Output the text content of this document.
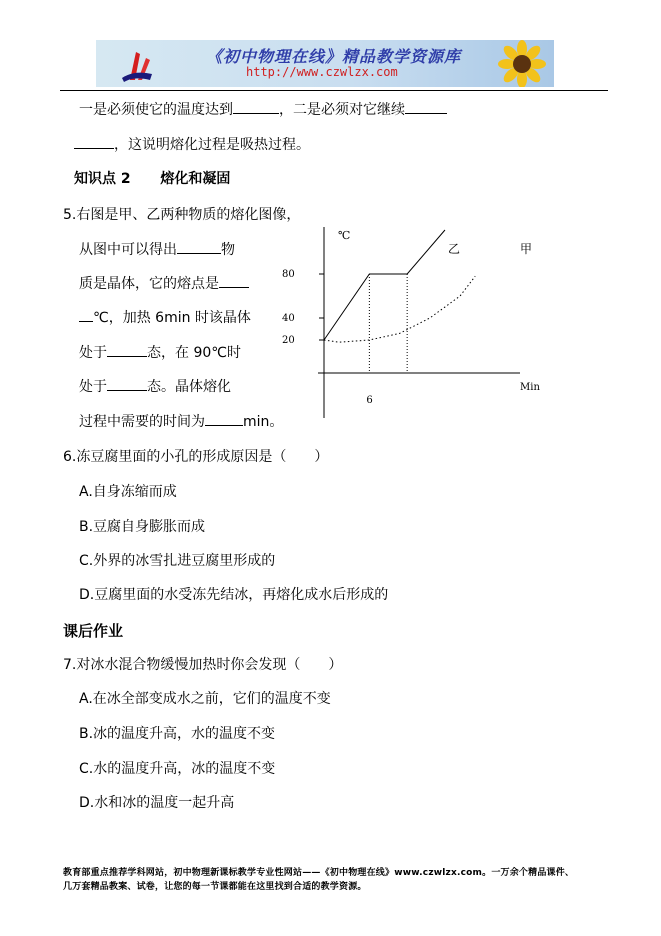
《初中物理在线》精品教学资源库
http://www.czwlzx.com
一是必须使它的温度达到	，二是必须对它继续
，这说明熔化过程是吸热过程。
知识点 2 熔化和凝固
5.右图是甲、乙两种物质的熔化图像，
从图中可以得出	物
质是晶体，它的熔点是
℃，加热 6min 时该晶体
处于	态，在 90℃时
处于	态。晶体熔化
过程中需要的时间为	min。
℃
Min
80
40
20
6
乙	甲
6.冻豆腐里面的小孔的形成原因是（　　）
A.自身冻缩而成
B.豆腐自身膨胀而成
C.外界的冰雪扎进豆腐里形成的
D.豆腐里面的水受冻先结冰，再熔化成水后形成的
课后作业
7.对冰水混合物缓慢加热时你会发现（　　）
A.在冰全部变成水之前，它们的温度不变
B.冰的温度升高，水的温度不变
C.水的温度升高，冰的温度不变
D.水和冰的温度一起升高
教育部重点推荐学科网站，初中物理新课标教学专业性网站——《初中物理在线》www.czwlzx.com。一万余个精品课件、
几万套精品教案、试卷，让您的每一节课都能在这里找到合适的教学资源。
